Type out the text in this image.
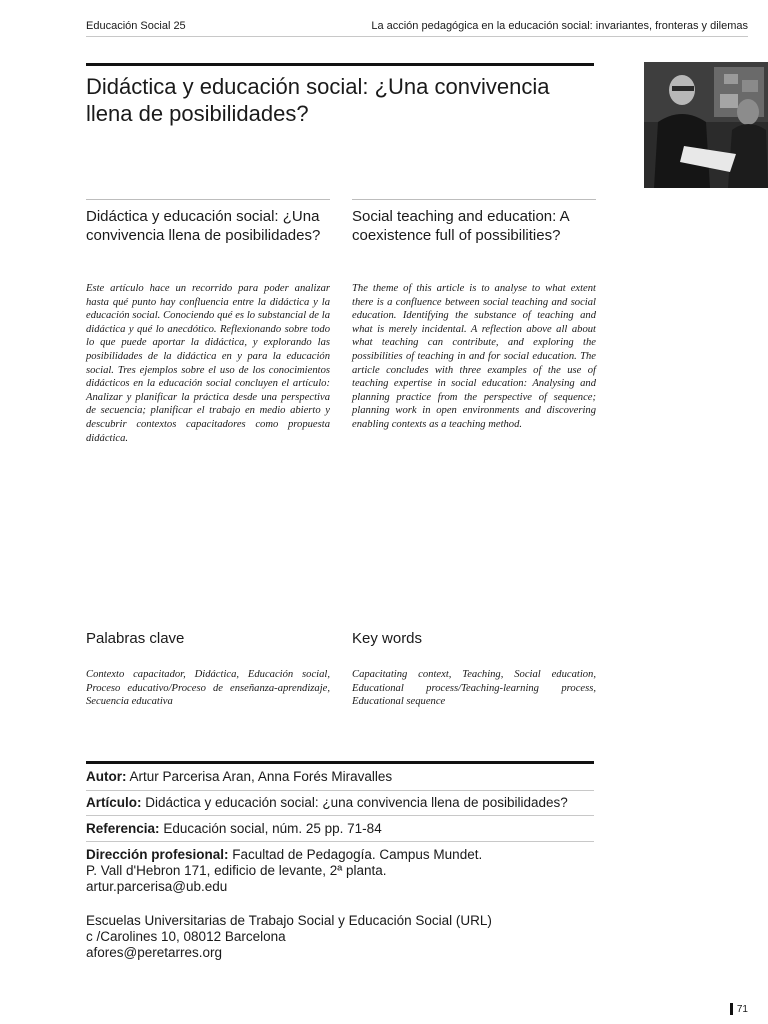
Educación Social 25	La acción pedagógica en la educación social: invariantes, fronteras y dilemas
Didáctica y educación social: ¿Una convivencia llena de posibilidades?
Didáctica y educación social: ¿Una convivencia llena de posibilidades?

Este artículo hace un recorrido para poder analizar hasta qué punto hay confluencia entre la didáctica y la educación social. Conociendo qué es lo substancial de la didáctica y qué lo anecdótico. Reflexionando sobre todo lo que puede aportar la didáctica, y explorando las posibilidades de la didáctica en y para la educación social. Tres ejemplos sobre el uso de los conocimientos didácticos en la educación social concluyen el artículo: Analizar y planificar la práctica desde una perspectiva de secuencia; planificar el trabajo en medio abierto y descubrir contextos capacitadores como propuesta didáctica.

Palabras clave

Contexto capacitador, Didáctica, Educación social, Proceso educativo/Proceso de enseñanza-aprendizaje, Secuencia educativa

Social teaching and education: A coexistence full of possibilities?

The theme of this article is to analyse to what extent there is a confluence between social teaching and social education. Identifying the substance of teaching and what is merely incidental. A reflection above all about what teaching can contribute, and exploring the possibilities of teaching in and for social education. The article concludes with three examples of the use of teaching expertise in social education: Analysing and planning practice from the perspective of sequence; planning work in open environments and discovering enabling contexts as a teaching method.

Key words

Capacitating context, Teaching, Social education, Educational process/Teaching-learning process, Educational sequence

Autor: Artur Parcerisa Aran, Anna Forés Miravalles
Artículo: Didáctica y educación social: ¿una convivencia llena de posibilidades?
Referencia: Educación social, núm. 25 pp. 71-84

Dirección profesional: Facultad de Pedagogía. Campus Mundet.

P. Vall d'Hebron 171, edificio de levante, 2ª planta.

artur.parcerisa@ub.edu

Escuelas Universitarias de Trabajo Social y Educación Social (URL)

c /Carolines 10, 08012 Barcelona

afores@peretarres.org

71
